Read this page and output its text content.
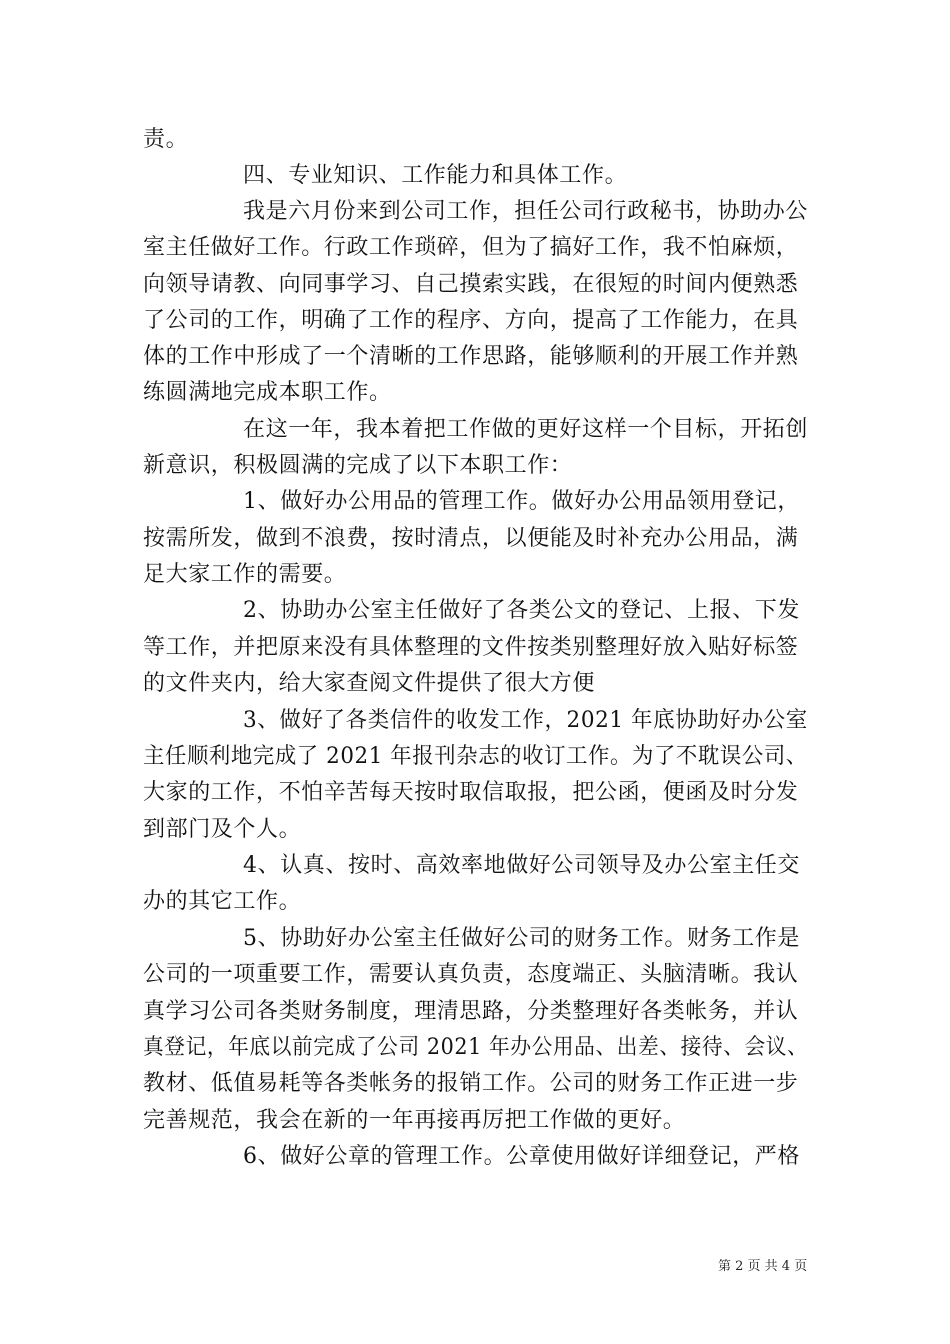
责。
四、专业知识、工作能力和具体工作。
我是六月份来到公司工作，担任公司行政秘书，协助办公
室主任做好工作。行政工作琐碎，但为了搞好工作，我不怕麻烦，
向领导请教、向同事学习、自己摸索实践，在很短的时间内便熟悉
了公司的工作，明确了工作的程序、方向，提高了工作能力，在具
体的工作中形成了一个清晰的工作思路，能够顺利的开展工作并熟
练圆满地完成本职工作。
在这一年，我本着把工作做的更好这样一个目标，开拓创
新意识，积极圆满的完成了以下本职工作：
1、做好办公用品的管理工作。做好办公用品领用登记，
按需所发，做到不浪费，按时清点，以便能及时补充办公用品，满
足大家工作的需要。
2、协助办公室主任做好了各类公文的登记、上报、下发
等工作，并把原来没有具体整理的文件按类别整理好放入贴好标签
的文件夹内，给大家查阅文件提供了很大方便
3、做好了各类信件的收发工作，2021 年底协助好办公室
主任顺利地完成了 2021 年报刊杂志的收订工作。为了不耽误公司、
大家的工作，不怕辛苦每天按时取信取报，把公函，便函及时分发
到部门及个人。
4、认真、按时、高效率地做好公司领导及办公室主任交
办的其它工作。
5、协助好办公室主任做好公司的财务工作。财务工作是
公司的一项重要工作，需要认真负责，态度端正、头脑清晰。我认
真学习公司各类财务制度，理清思路，分类整理好各类帐务，并认
真登记，年底以前完成了公司 2021 年办公用品、出差、接待、会议、
教材、低值易耗等各类帐务的报销工作。公司的财务工作正进一步
完善规范，我会在新的一年再接再厉把工作做的更好。
6、做好公章的管理工作。公章使用做好详细登记，严格
第 2 页 共 4 页
